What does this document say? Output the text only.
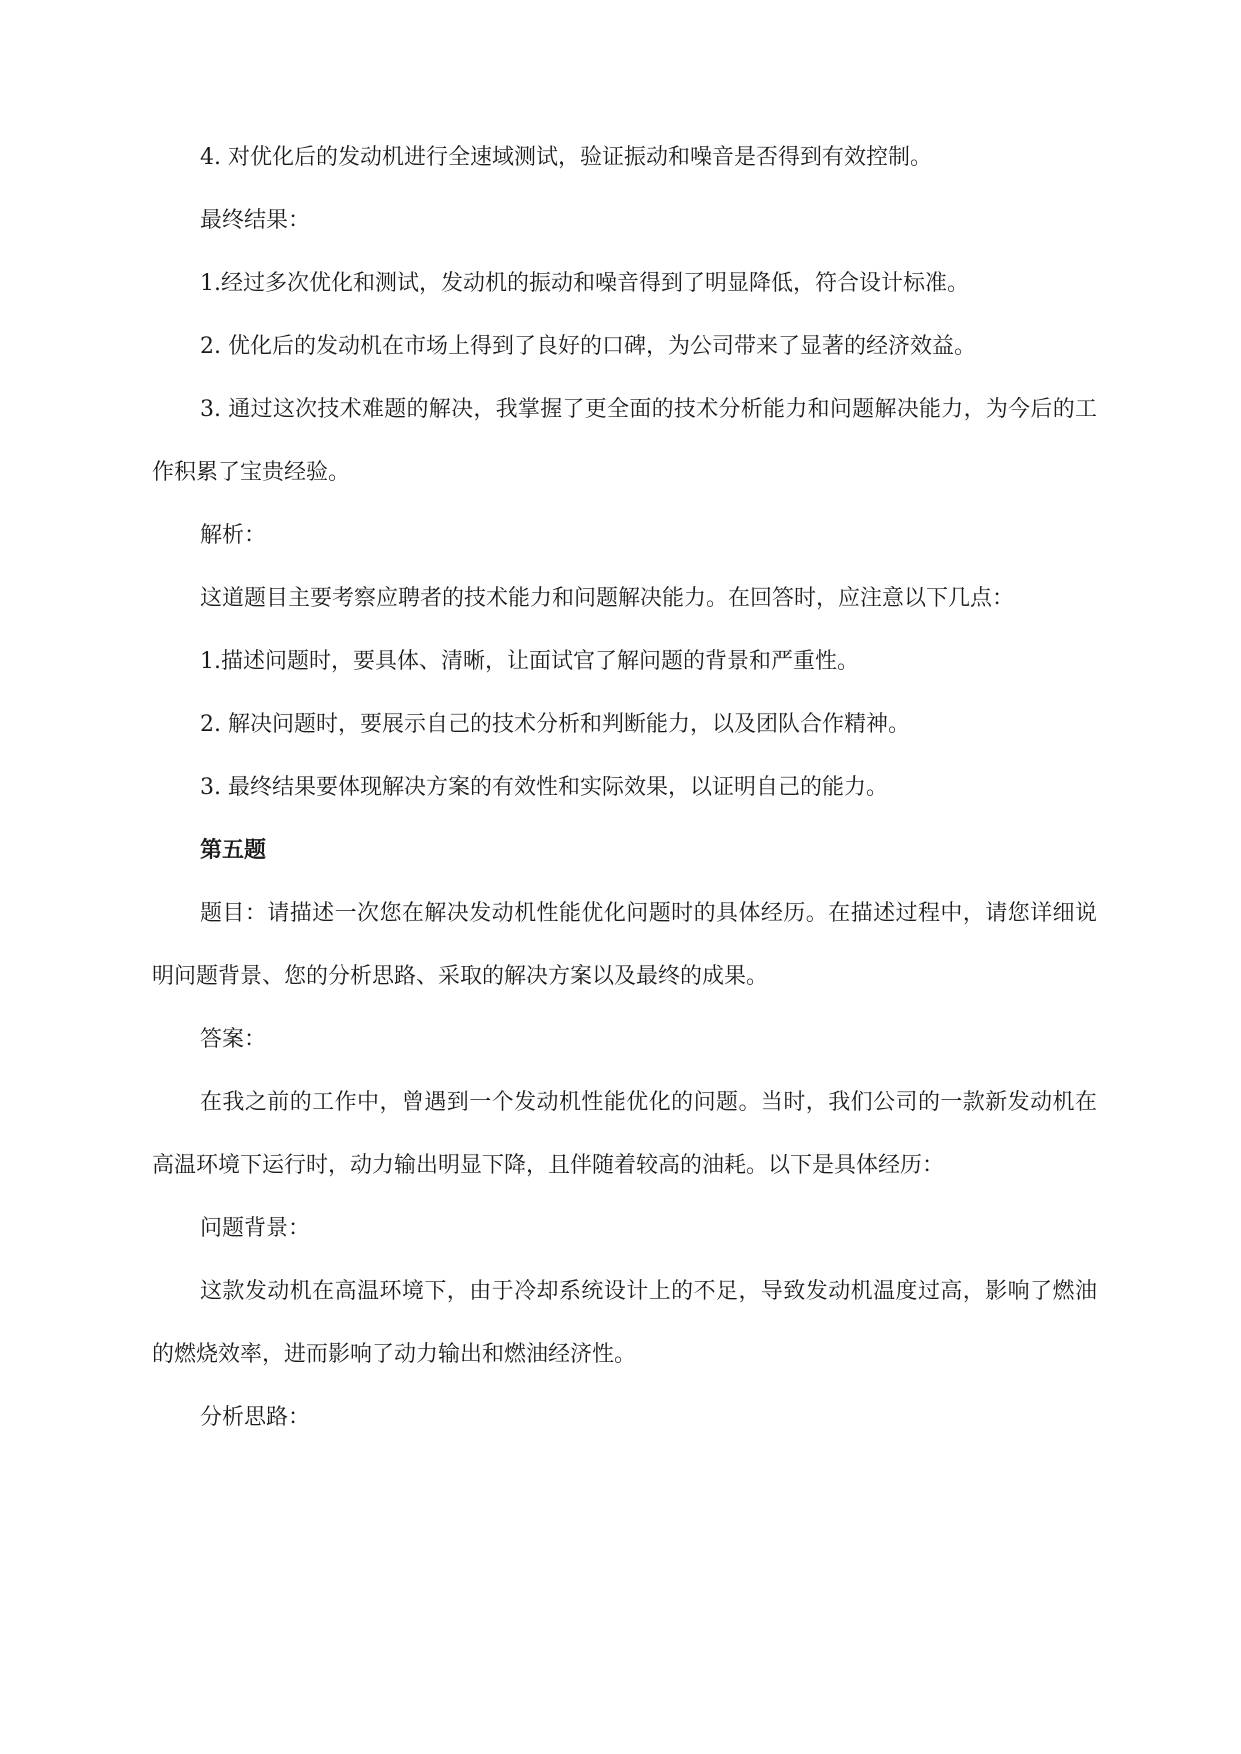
4. 对优化后的发动机进行全速域测试，验证振动和噪音是否得到有效控制。

最终结果：

1.经过多次优化和测试，发动机的振动和噪音得到了明显降低，符合设计标准。

2. 优化后的发动机在市场上得到了良好的口碑，为公司带来了显著的经济效益。

3. 通过这次技术难题的解决，我掌握了更全面的技术分析能力和问题解决能力，为今后的工作积累了宝贵经验。

解析：

这道题目主要考察应聘者的技术能力和问题解决能力。在回答时，应注意以下几点：

1.描述问题时，要具体、清晰，让面试官了解问题的背景和严重性。

2. 解决问题时，要展示自己的技术分析和判断能力，以及团队合作精神。

3. 最终结果要体现解决方案的有效性和实际效果，以证明自己的能力。

第五题

题目：请描述一次您在解决发动机性能优化问题时的具体经历。在描述过程中，请您详细说明问题背景、您的分析思路、采取的解决方案以及最终的成果。

答案：

在我之前的工作中，曾遇到一个发动机性能优化的问题。当时，我们公司的一款新发动机在高温环境下运行时，动力输出明显下降，且伴随着较高的油耗。以下是具体经历：

问题背景：

这款发动机在高温环境下，由于冷却系统设计上的不足，导致发动机温度过高，影响了燃油的燃烧效率，进而影响了动力输出和燃油经济性。

分析思路：
